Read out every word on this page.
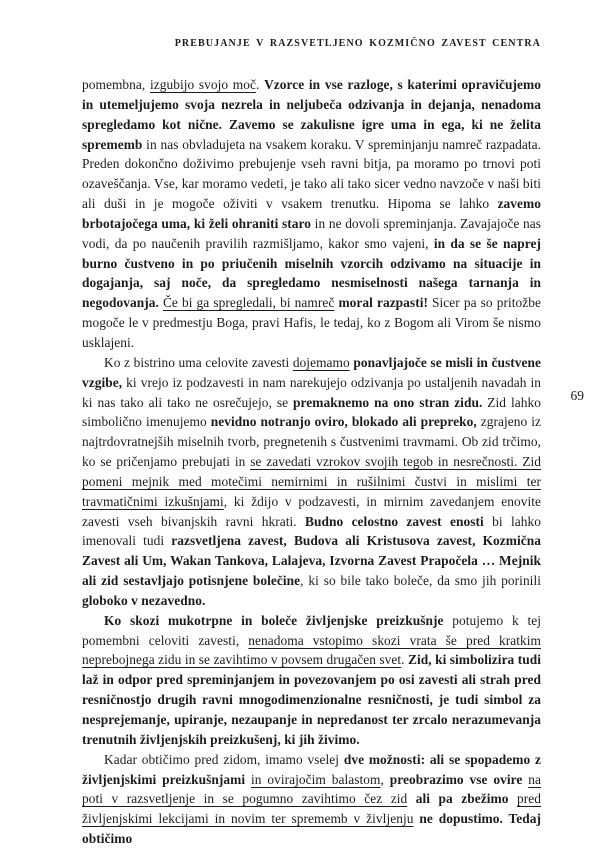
PREBUJANJE V RAZSVETLJENO KOZMIČNO ZAVEST CENTRA
69

pomembna, izgubijo svojo moč. Vzorce in vse razloge, s katerimi opravičujemo in utemeljujemo svoja nezrela in neljubeča odzivanja in dejanja, nenadoma spregledamo kot nične. Zavemo se zakulisne igre uma in ega, ki ne želita sprememb in nas obvladujeta na vsakem koraku. V spreminjanju namreč razpadata. Preden dokončno doživimo prebujenje vseh ravni bitja, pa moramo po trnovi poti ozaveščanja. Vse, kar moramo vedeti, je tako ali tako sicer vedno navzoče v naši biti ali duši in je mogoče oživiti v vsakem trenutku. Hipoma se lahko zavemo brbotajočega uma, ki želi ohraniti staro in ne dovoli spreminjanja. Zavajajoče nas vodi, da po naučenih pravilih razmišljamo, kakor smo vajeni, in da se še naprej burno čustveno in po priučenih miselnih vzorcih odzivamo na situacije in dogajanja, saj noče, da spregledamo nesmiselnosti našega tarnanja in negodovanja. Če bi ga spregledali, bi namreč moral razpasti! Sicer pa so pritožbe mogoče le v predmestju Boga, pravi Hafis, le tedaj, ko z Bogom ali Virom še nismo usklajeni.

Ko z bistrino uma celovite zavesti dojemamo ponavljajoče se misli in čustvene vzgibe, ki vrejo iz podzavesti in nam narekujejo odzivanja po ustaljenih navadah in ki nas tako ali tako ne osrečujejo, se premaknemo na ono stran zidu. Zid lahko simbolično imenujemo nevidno notranjo oviro, blokado ali prepreko, zgrajeno iz najtrdovratnejših miselnih tvorb, pregnetenih s čustvenimi travmami. Ob zid trčimo, ko se pričenjamo prebujati in se zavedati vzrokov svojih tegob in nesrečnosti. Zid pomeni mejnik med motečimi nemirnimi in rušilnimi čustvi in mislimi ter travmatičnimi izkušnjami, ki ždijo v podzavesti, in mirnim zavedanjem enovite zavesti vseh bivanjskih ravni hkrati. Budno celostno zavest enosti bi lahko imenovali tudi razsvetljena zavest, Budova ali Kristusova zavest, Kozmična Zavest ali Um, Wakan Tankova, Lalajeva, Izvorna Zavest Prapočela … Mejnik ali zid sestavljajo potisnjene bolečine, ki so bile tako boleče, da smo jih porinili globoko v nezavedno.

Ko skozi mukotrpne in boleče življenjske preizkušnje potujemo k tej pomembni celoviti zavesti, nenadoma vstopimo skozi vrata še pred kratkim neprebojnega zidu in se zavihtimo v povsem drugačen svet. Zid, ki simbolizira tudi laž in odpor pred spreminjanjem in povezovanjem po osi zavesti ali strah pred resničnostjo drugih ravni mnogodimenzionalne resničnosti, je tudi simbol za nesprejemanje, upiranje, nezaupanje in nepredanost ter zrcalo nerazumevanja trenutnih življenjskih preizkušenj, ki jih živimo.

Kadar obtičimo pred zidom, imamo vselej dve možnosti: ali se spopademo z življenjskimi preizkušnjami in ovirajočim balastom, preobrazimo vse ovire na poti v razsvetljenje in se pogumno zavihtimo čez zid ali pa zbežimo pred življenjskimi lekcijami in novim ter sprememb v življenju ne dopustimo. Tedaj obtičimo
